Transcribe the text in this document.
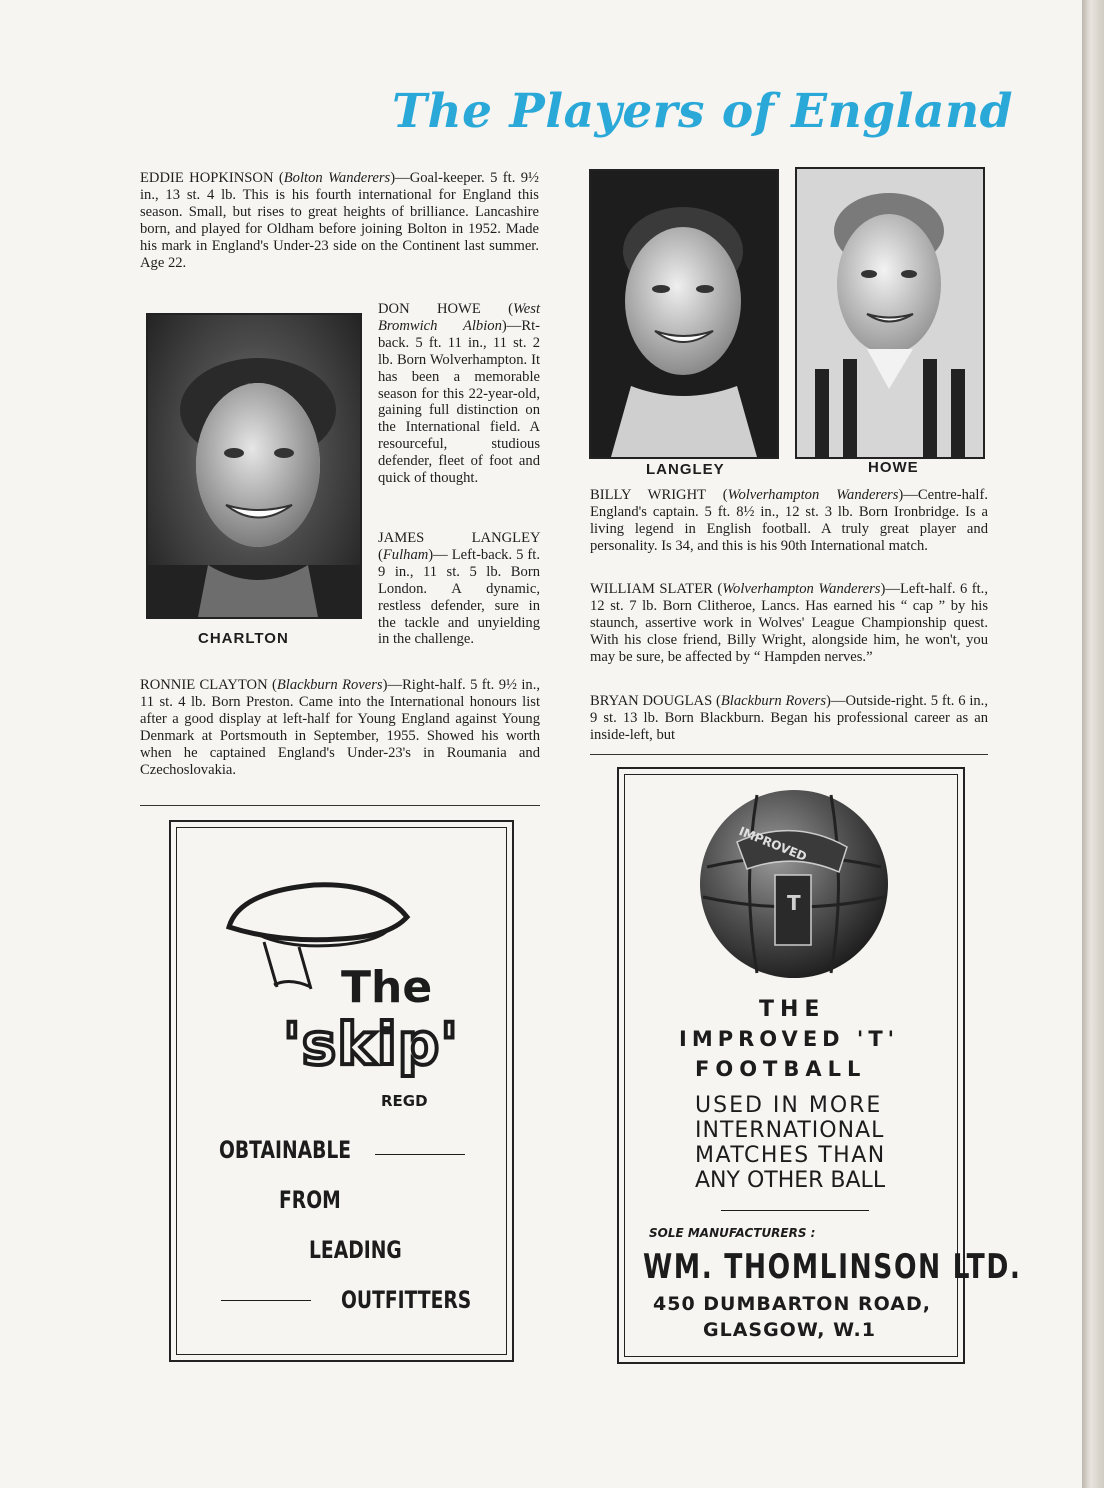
The Players of England

EDDIE HOPKINSON (Bolton Wanderers)—Goal-keeper. 5 ft. 9½ in., 13 st. 4 lb. This is his fourth international for England this season. Small, but rises to great heights of brilliance. Lancashire born, and played for Oldham before joining Bolton in 1952. Made his mark in England's Under-23 side on the Continent last summer. Age 22.

CHARLTON

DON HOWE (West Bromwich Albion)—Rt-back. 5 ft. 11 in., 11 st. 2 lb. Born Wolverhampton. It has been a memorable season for this 22-year-old, gaining full distinction on the International field. A resourceful, studious defender, fleet of foot and quick of thought.

JAMES LANGLEY (Fulham)— Left-back. 5 ft. 9 in., 11 st. 5 lb. Born London. A dynamic, restless defender, sure in the tackle and unyielding in the challenge.

RONNIE CLAYTON (Blackburn Rovers)—Right-half. 5 ft. 9½ in., 11 st. 4 lb. Born Preston. Came into the International honours list after a good display at left-half for Young England against Young Denmark at Portsmouth in September, 1955. Showed his worth when he captained England's Under-23's in Roumania and Czechoslovakia.

LANGLEY	HOWE

BILLY WRIGHT (Wolverhampton Wanderers)—Centre-half. England's captain. 5 ft. 8½ in., 12 st. 3 lb. Born Ironbridge. Is a living legend in English football. A truly great player and personality. Is 34, and this is his 90th International match.

WILLIAM SLATER (Wolverhampton Wanderers)—Left-half. 6 ft., 12 st. 7 lb. Born Clitheroe, Lancs. Has earned his “ cap ” by his staunch, assertive work in Wolves' League Championship quest. With his close friend, Billy Wright, alongside him, he won't, you may be sure, be affected by “ Hampden nerves.”

BRYAN DOUGLAS (Blackburn Rovers)—Outside-right. 5 ft. 6 in., 9 st. 13 lb. Born Blackburn. Began his professional career as an inside-left, but

The
'skip'
REGD
OBTAINABLE
FROM
LEADING
OUTFITTERS
IMPROVED
T
THE
IMPROVED 'T'
FOOTBALL
USED IN MORE
INTERNATIONAL
MATCHES THAN
ANY OTHER BALL
SOLE MANUFACTURERS :
WM. THOMLINSON LTD.
450 DUMBARTON ROAD,
GLASGOW, W.1
